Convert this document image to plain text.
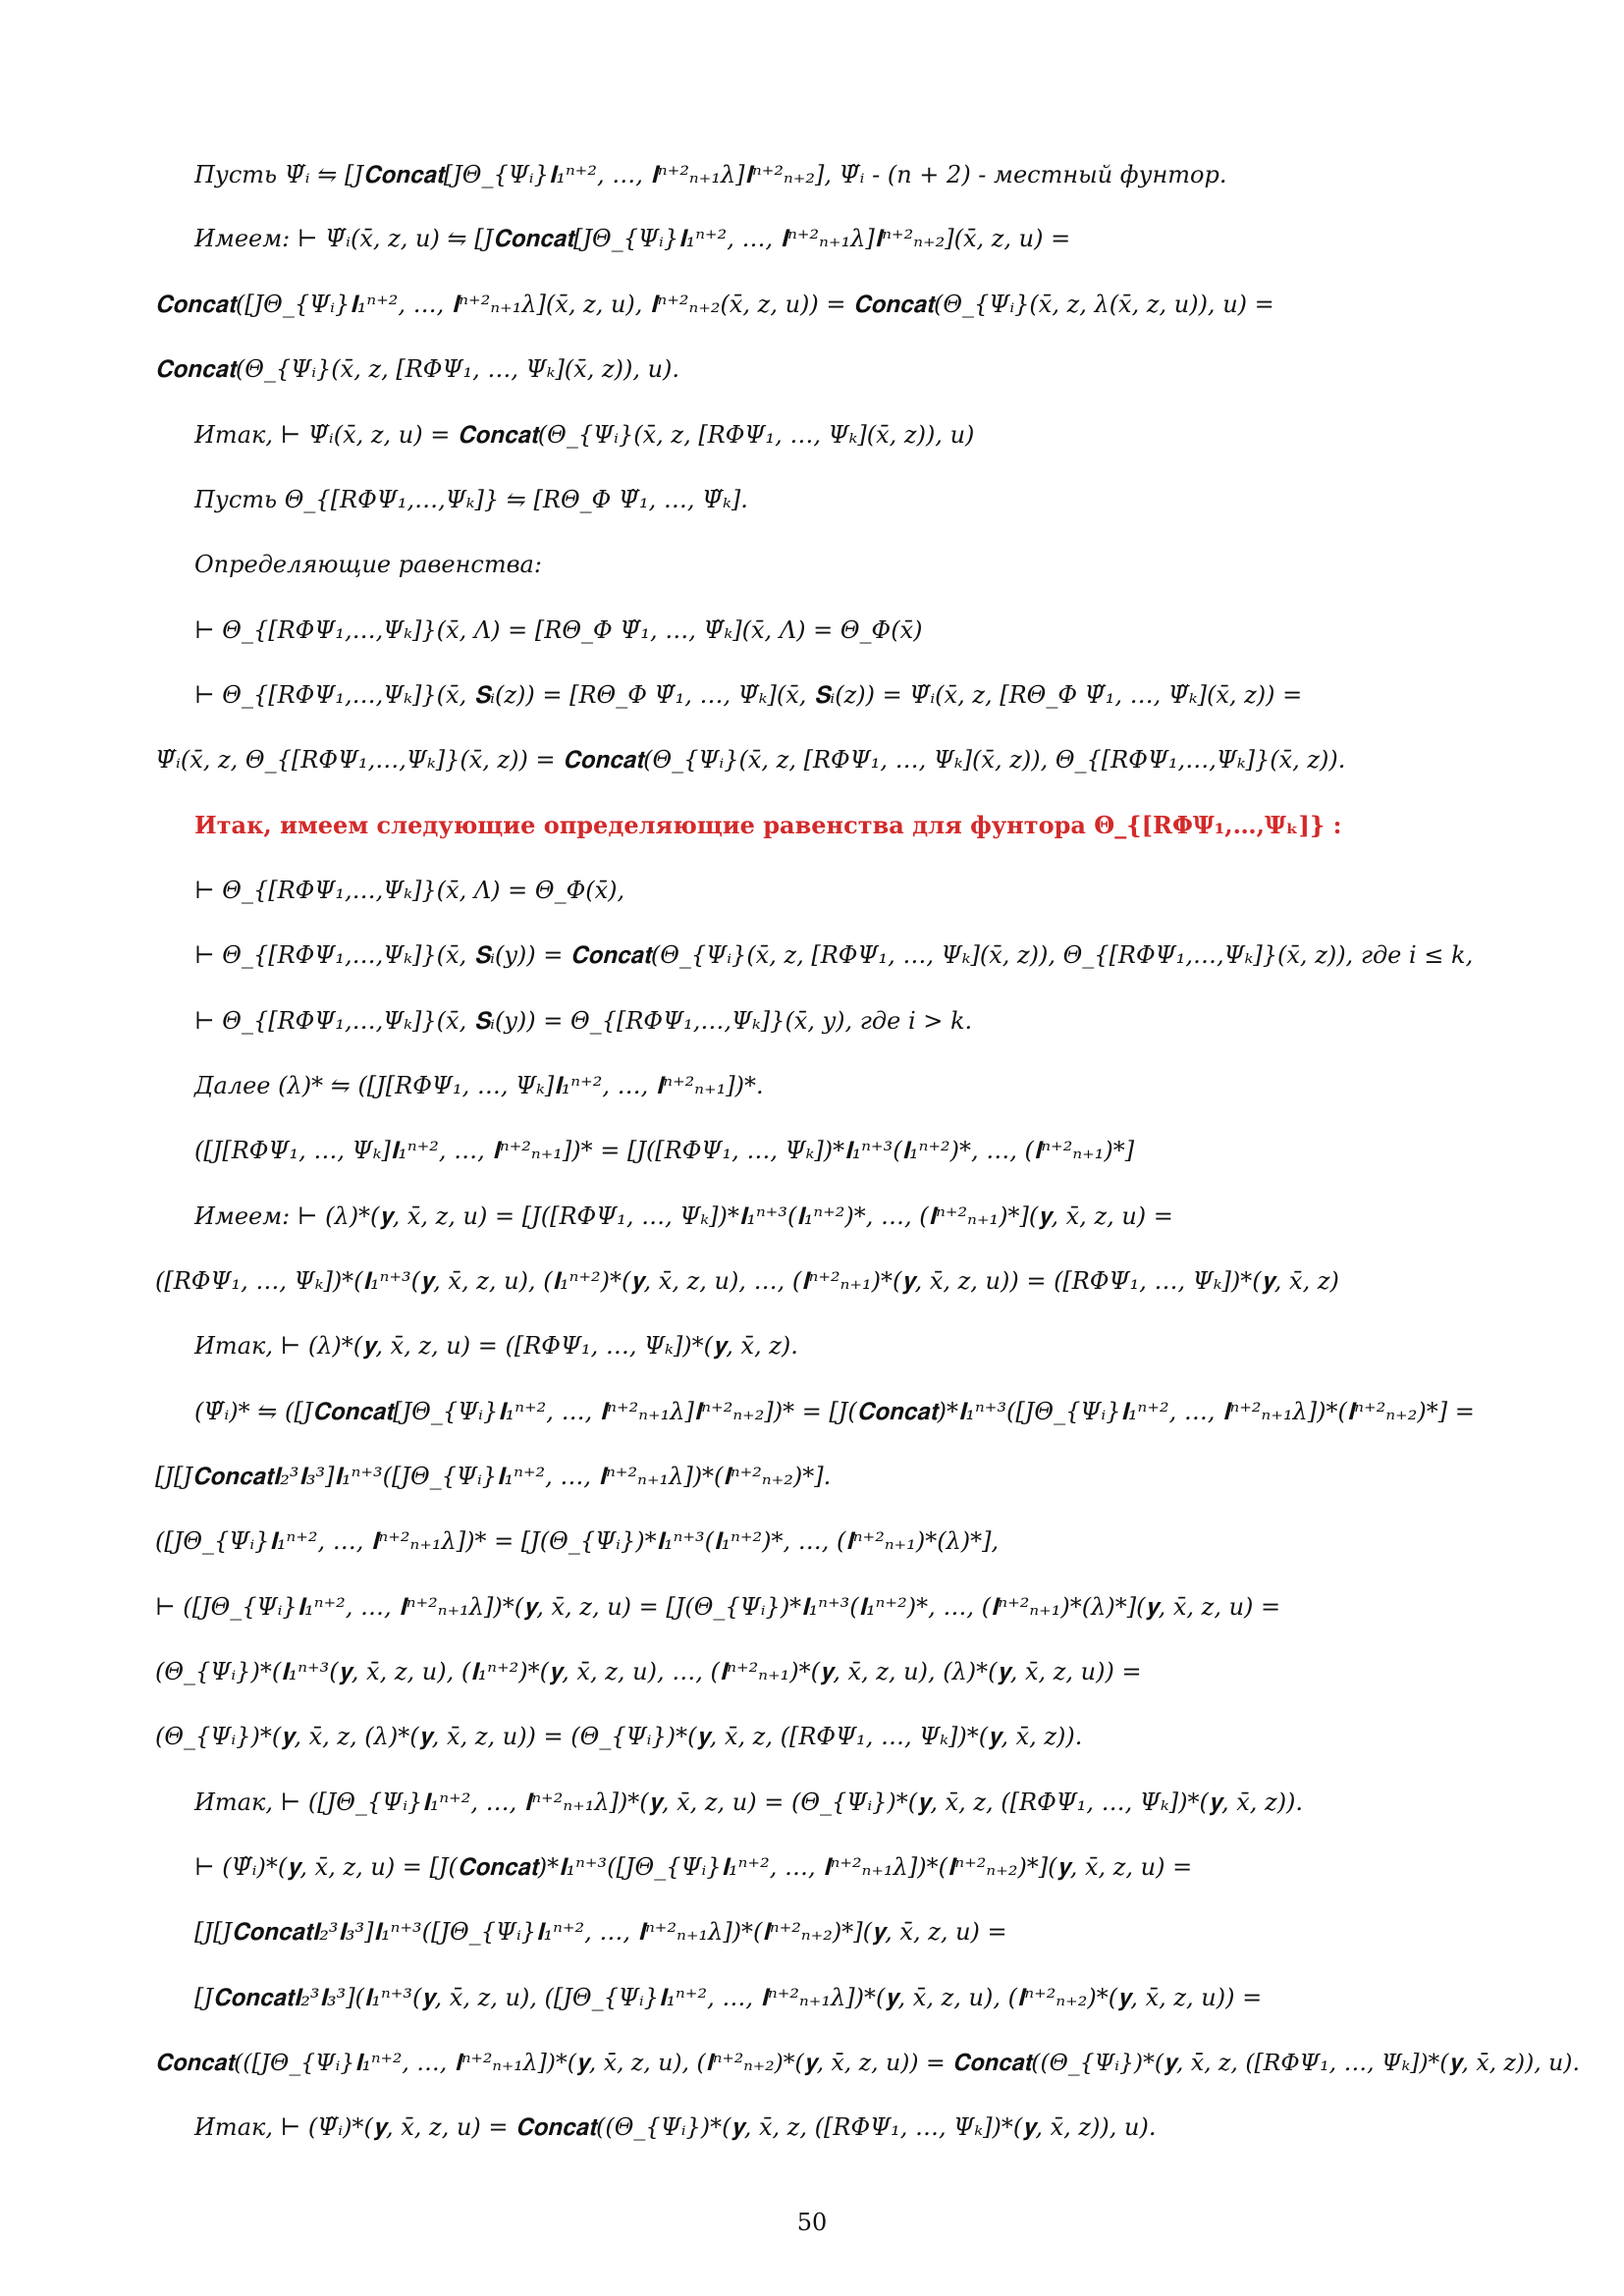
Пусть Ψ̃ᵢ ⇋ [J𝐂𝐨𝐧𝐜𝐚𝐭[JΘ_{Ψᵢ}𝐈₁ⁿ⁺², …, 𝐈ⁿ⁺²ₙ₊₁λ]𝐈ⁿ⁺²ₙ₊₂], Ψ̃ᵢ - (n + 2) - местный фунтор.
Имеем: ⊢ Ψ̃ᵢ(x̄, z, u) ⇋ [J𝐂𝐨𝐧𝐜𝐚𝐭[JΘ_{Ψᵢ}𝐈₁ⁿ⁺², …, 𝐈ⁿ⁺²ₙ₊₁λ]𝐈ⁿ⁺²ₙ₊₂](x̄, z, u) =
𝐂𝐨𝐧𝐜𝐚𝐭([JΘ_{Ψᵢ}𝐈₁ⁿ⁺², …, 𝐈ⁿ⁺²ₙ₊₁λ](x̄, z, u), 𝐈ⁿ⁺²ₙ₊₂(x̄, z, u)) = 𝐂𝐨𝐧𝐜𝐚𝐭(Θ_{Ψᵢ}(x̄, z, λ(x̄, z, u)), u) =
𝐂𝐨𝐧𝐜𝐚𝐭(Θ_{Ψᵢ}(x̄, z, [RΦΨ₁, …, Ψₖ](x̄, z)), u).
Итак, ⊢ Ψ̃ᵢ(x̄, z, u) = 𝐂𝐨𝐧𝐜𝐚𝐭(Θ_{Ψᵢ}(x̄, z, [RΦΨ₁, …, Ψₖ](x̄, z)), u)
Пусть Θ_{[RΦΨ₁,…,Ψₖ]} ⇋ [RΘ_Φ Ψ̃₁, …, Ψ̃ₖ].
Определяющие равенства:
⊢ Θ_{[RΦΨ₁,…,Ψₖ]}(x̄, Λ) = [RΘ_Φ Ψ̃₁, …, Ψ̃ₖ](x̄, Λ) = Θ_Φ(x̄)
⊢ Θ_{[RΦΨ₁,…,Ψₖ]}(x̄, 𝐒ᵢ(z)) = [RΘ_Φ Ψ̃₁, …, Ψ̃ₖ](x̄, 𝐒ᵢ(z)) = Ψ̃ᵢ(x̄, z, [RΘ_Φ Ψ̃₁, …, Ψ̃ₖ](x̄, z)) =
Ψ̃ᵢ(x̄, z, Θ_{[RΦΨ₁,…,Ψₖ]}(x̄, z)) = 𝐂𝐨𝐧𝐜𝐚𝐭(Θ_{Ψᵢ}(x̄, z, [RΦΨ₁, …, Ψₖ](x̄, z)), Θ_{[RΦΨ₁,…,Ψₖ]}(x̄, z)).
Итак, имеем следующие определяющие равенства для фунтора Θ_{[RΦΨ₁,…,Ψₖ]} :
⊢ Θ_{[RΦΨ₁,…,Ψₖ]}(x̄, Λ) = Θ_Φ(x̄),
⊢ Θ_{[RΦΨ₁,…,Ψₖ]}(x̄, 𝐒ᵢ(y)) = 𝐂𝐨𝐧𝐜𝐚𝐭(Θ_{Ψᵢ}(x̄, z, [RΦΨ₁, …, Ψₖ](x̄, z)), Θ_{[RΦΨ₁,…,Ψₖ]}(x̄, z)), где i ≤ k,
⊢ Θ_{[RΦΨ₁,…,Ψₖ]}(x̄, 𝐒ᵢ(y)) = Θ_{[RΦΨ₁,…,Ψₖ]}(x̄, y), где i > k.
Далее (λ)* ⇋ ([J[RΦΨ₁, …, Ψₖ]𝐈₁ⁿ⁺², …, 𝐈ⁿ⁺²ₙ₊₁])*.
([J[RΦΨ₁, …, Ψₖ]𝐈₁ⁿ⁺², …, 𝐈ⁿ⁺²ₙ₊₁])* = [J([RΦΨ₁, …, Ψₖ])*𝐈₁ⁿ⁺³(𝐈₁ⁿ⁺²)*, …, (𝐈ⁿ⁺²ₙ₊₁)*]
Имеем: ⊢ (λ)*(𝐲, x̄, z, u) = [J([RΦΨ₁, …, Ψₖ])*𝐈₁ⁿ⁺³(𝐈₁ⁿ⁺²)*, …, (𝐈ⁿ⁺²ₙ₊₁)*](𝐲, x̄, z, u) =
([RΦΨ₁, …, Ψₖ])*(𝐈₁ⁿ⁺³(𝐲, x̄, z, u), (𝐈₁ⁿ⁺²)*(𝐲, x̄, z, u), …, (𝐈ⁿ⁺²ₙ₊₁)*(𝐲, x̄, z, u)) = ([RΦΨ₁, …, Ψₖ])*(𝐲, x̄, z)
Итак, ⊢ (λ)*(𝐲, x̄, z, u) = ([RΦΨ₁, …, Ψₖ])*(𝐲, x̄, z).
(Ψ̃ᵢ)* ⇋ ([J𝐂𝐨𝐧𝐜𝐚𝐭[JΘ_{Ψᵢ}𝐈₁ⁿ⁺², …, 𝐈ⁿ⁺²ₙ₊₁λ]𝐈ⁿ⁺²ₙ₊₂])* = [J(𝐂𝐨𝐧𝐜𝐚𝐭)*𝐈₁ⁿ⁺³([JΘ_{Ψᵢ}𝐈₁ⁿ⁺², …, 𝐈ⁿ⁺²ₙ₊₁λ])*(𝐈ⁿ⁺²ₙ₊₂)*] =
[J[J𝐂𝐨𝐧𝐜𝐚𝐭𝐈₂³𝐈₃³]𝐈₁ⁿ⁺³([JΘ_{Ψᵢ}𝐈₁ⁿ⁺², …, 𝐈ⁿ⁺²ₙ₊₁λ])*(𝐈ⁿ⁺²ₙ₊₂)*].
([JΘ_{Ψᵢ}𝐈₁ⁿ⁺², …, 𝐈ⁿ⁺²ₙ₊₁λ])* = [J(Θ_{Ψᵢ})*𝐈₁ⁿ⁺³(𝐈₁ⁿ⁺²)*, …, (𝐈ⁿ⁺²ₙ₊₁)*(λ)*],
⊢ ([JΘ_{Ψᵢ}𝐈₁ⁿ⁺², …, 𝐈ⁿ⁺²ₙ₊₁λ])*(𝐲, x̄, z, u) = [J(Θ_{Ψᵢ})*𝐈₁ⁿ⁺³(𝐈₁ⁿ⁺²)*, …, (𝐈ⁿ⁺²ₙ₊₁)*(λ)*](𝐲, x̄, z, u) =
(Θ_{Ψᵢ})*(𝐈₁ⁿ⁺³(𝐲, x̄, z, u), (𝐈₁ⁿ⁺²)*(𝐲, x̄, z, u), …, (𝐈ⁿ⁺²ₙ₊₁)*(𝐲, x̄, z, u), (λ)*(𝐲, x̄, z, u)) =
(Θ_{Ψᵢ})*(𝐲, x̄, z, (λ)*(𝐲, x̄, z, u)) = (Θ_{Ψᵢ})*(𝐲, x̄, z, ([RΦΨ₁, …, Ψₖ])*(𝐲, x̄, z)).
Итак, ⊢ ([JΘ_{Ψᵢ}𝐈₁ⁿ⁺², …, 𝐈ⁿ⁺²ₙ₊₁λ])*(𝐲, x̄, z, u) = (Θ_{Ψᵢ})*(𝐲, x̄, z, ([RΦΨ₁, …, Ψₖ])*(𝐲, x̄, z)).
⊢ (Ψ̃ᵢ)*(𝐲, x̄, z, u) = [J(𝐂𝐨𝐧𝐜𝐚𝐭)*𝐈₁ⁿ⁺³([JΘ_{Ψᵢ}𝐈₁ⁿ⁺², …, 𝐈ⁿ⁺²ₙ₊₁λ])*(𝐈ⁿ⁺²ₙ₊₂)*](𝐲, x̄, z, u) =
[J[J𝐂𝐨𝐧𝐜𝐚𝐭𝐈₂³𝐈₃³]𝐈₁ⁿ⁺³([JΘ_{Ψᵢ}𝐈₁ⁿ⁺², …, 𝐈ⁿ⁺²ₙ₊₁λ])*(𝐈ⁿ⁺²ₙ₊₂)*](𝐲, x̄, z, u) =
[J𝐂𝐨𝐧𝐜𝐚𝐭𝐈₂³𝐈₃³](𝐈₁ⁿ⁺³(𝐲, x̄, z, u), ([JΘ_{Ψᵢ}𝐈₁ⁿ⁺², …, 𝐈ⁿ⁺²ₙ₊₁λ])*(𝐲, x̄, z, u), (𝐈ⁿ⁺²ₙ₊₂)*(𝐲, x̄, z, u)) =
𝐂𝐨𝐧𝐜𝐚𝐭(([JΘ_{Ψᵢ}𝐈₁ⁿ⁺², …, 𝐈ⁿ⁺²ₙ₊₁λ])*(𝐲, x̄, z, u), (𝐈ⁿ⁺²ₙ₊₂)*(𝐲, x̄, z, u)) = 𝐂𝐨𝐧𝐜𝐚𝐭((Θ_{Ψᵢ})*(𝐲, x̄, z, ([RΦΨ₁, …, Ψₖ])*(𝐲, x̄, z)), u).
Итак, ⊢ (Ψ̃ᵢ)*(𝐲, x̄, z, u) = 𝐂𝐨𝐧𝐜𝐚𝐭((Θ_{Ψᵢ})*(𝐲, x̄, z, ([RΦΨ₁, …, Ψₖ])*(𝐲, x̄, z)), u).
50
